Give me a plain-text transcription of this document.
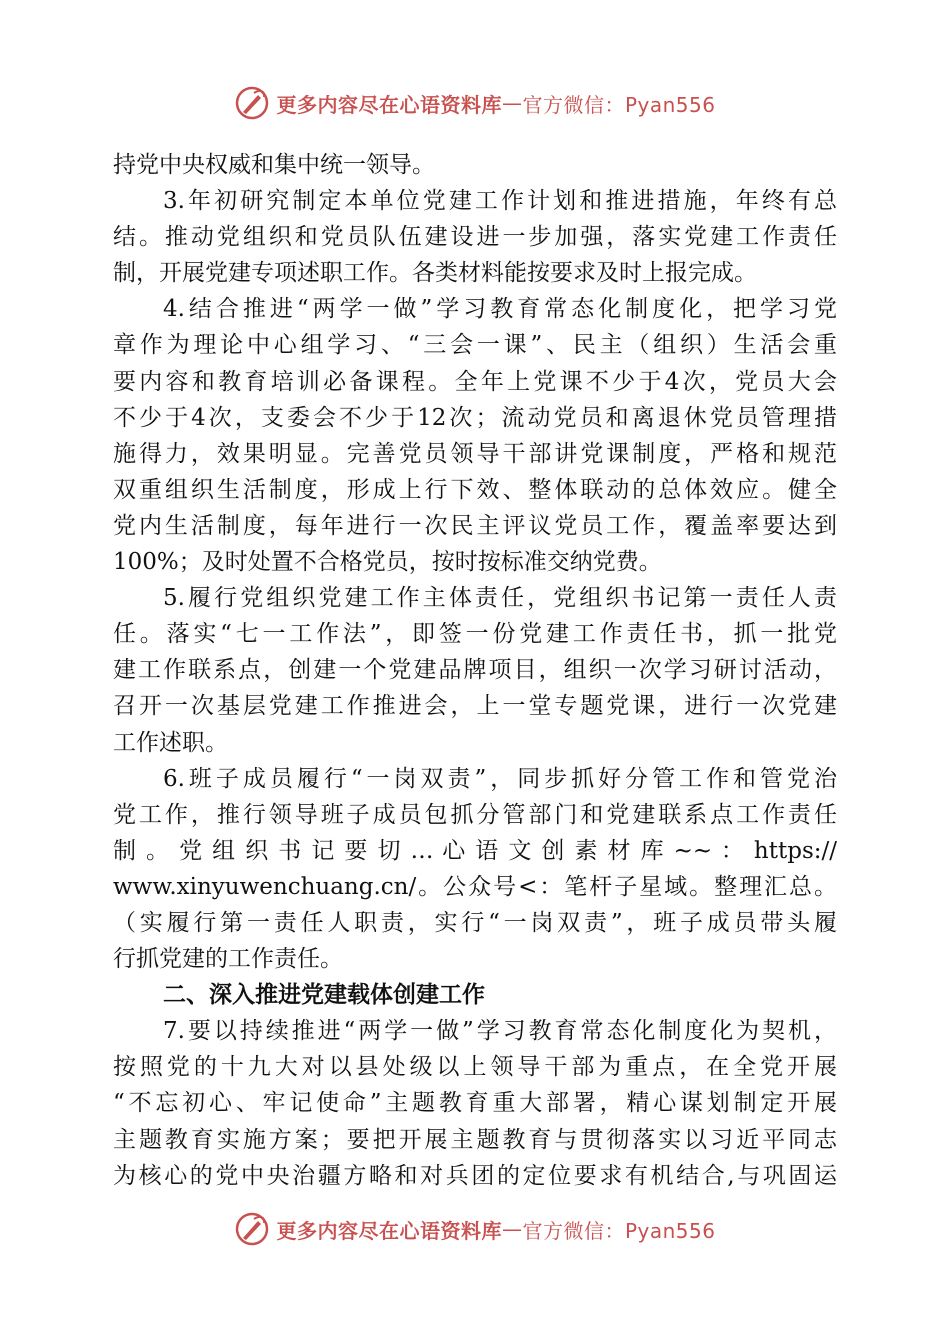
更多内容尽在心语资料库 — 官方微信：Pyan556
持党中央权威和集中统一领导。
3.年初研究制定本单位党建工作计划和推进措施，年终有总
结。推动党组织和党员队伍建设进一步加强，落实党建工作责任
制，开展党建专项述职工作。各类材料能按要求及时上报完成。
4.结合推进“两学一做”学习教育常态化制度化，把学习党
章作为理论中心组学习、“三会一课”、民主（组织）生活会重
要内容和教育培训必备课程。全年上党课不少于4次，党员大会
不少于4次，支委会不少于12次；流动党员和离退休党员管理措
施得力，效果明显。完善党员领导干部讲党课制度，严格和规范
双重组织生活制度，形成上行下效、整体联动的总体效应。健全
党内生活制度，每年进行一次民主评议党员工作，覆盖率要达到
100%；及时处置不合格党员，按时按标准交纳党费。
5.履行党组织党建工作主体责任，党组织书记第一责任人责
任。落实“七一工作法”，即签一份党建工作责任书，抓一批党
建工作联系点，创建一个党建品牌项目，组织一次学习研讨活动，
召开一次基层党建工作推进会，上一堂专题党课，进行一次党建
工作述职。
6.班子成员履行“一岗双责”，同步抓好分管工作和管党治
党工作，推行领导班子成员包抓分管部门和党建联系点工作责任
制 。 党 组 织 书 记 要 切 … 心 语 文 创 素 材 库 ~~ ： https://
www.xinyuwenchuang.cn/。公众号<：笔杆子星域。整理汇总。
（实履行第一责任人职责，实行“一岗双责”，班子成员带头履
行抓党建的工作责任。
二、深入推进党建载体创建工作
7.要以持续推进“两学一做”学习教育常态化制度化为契机，
按照党的十九大对以县处级以上领导干部为重点，在全党开展
“不忘初心、牢记使命”主题教育重大部署，精心谋划制定开展
主题教育实施方案；要把开展主题教育与贯彻落实以习近平同志
为核心的党中央治疆方略和对兵团的定位要求有机结合,与巩固运
更多内容尽在心语资料库 — 官方微信：Pyan556
